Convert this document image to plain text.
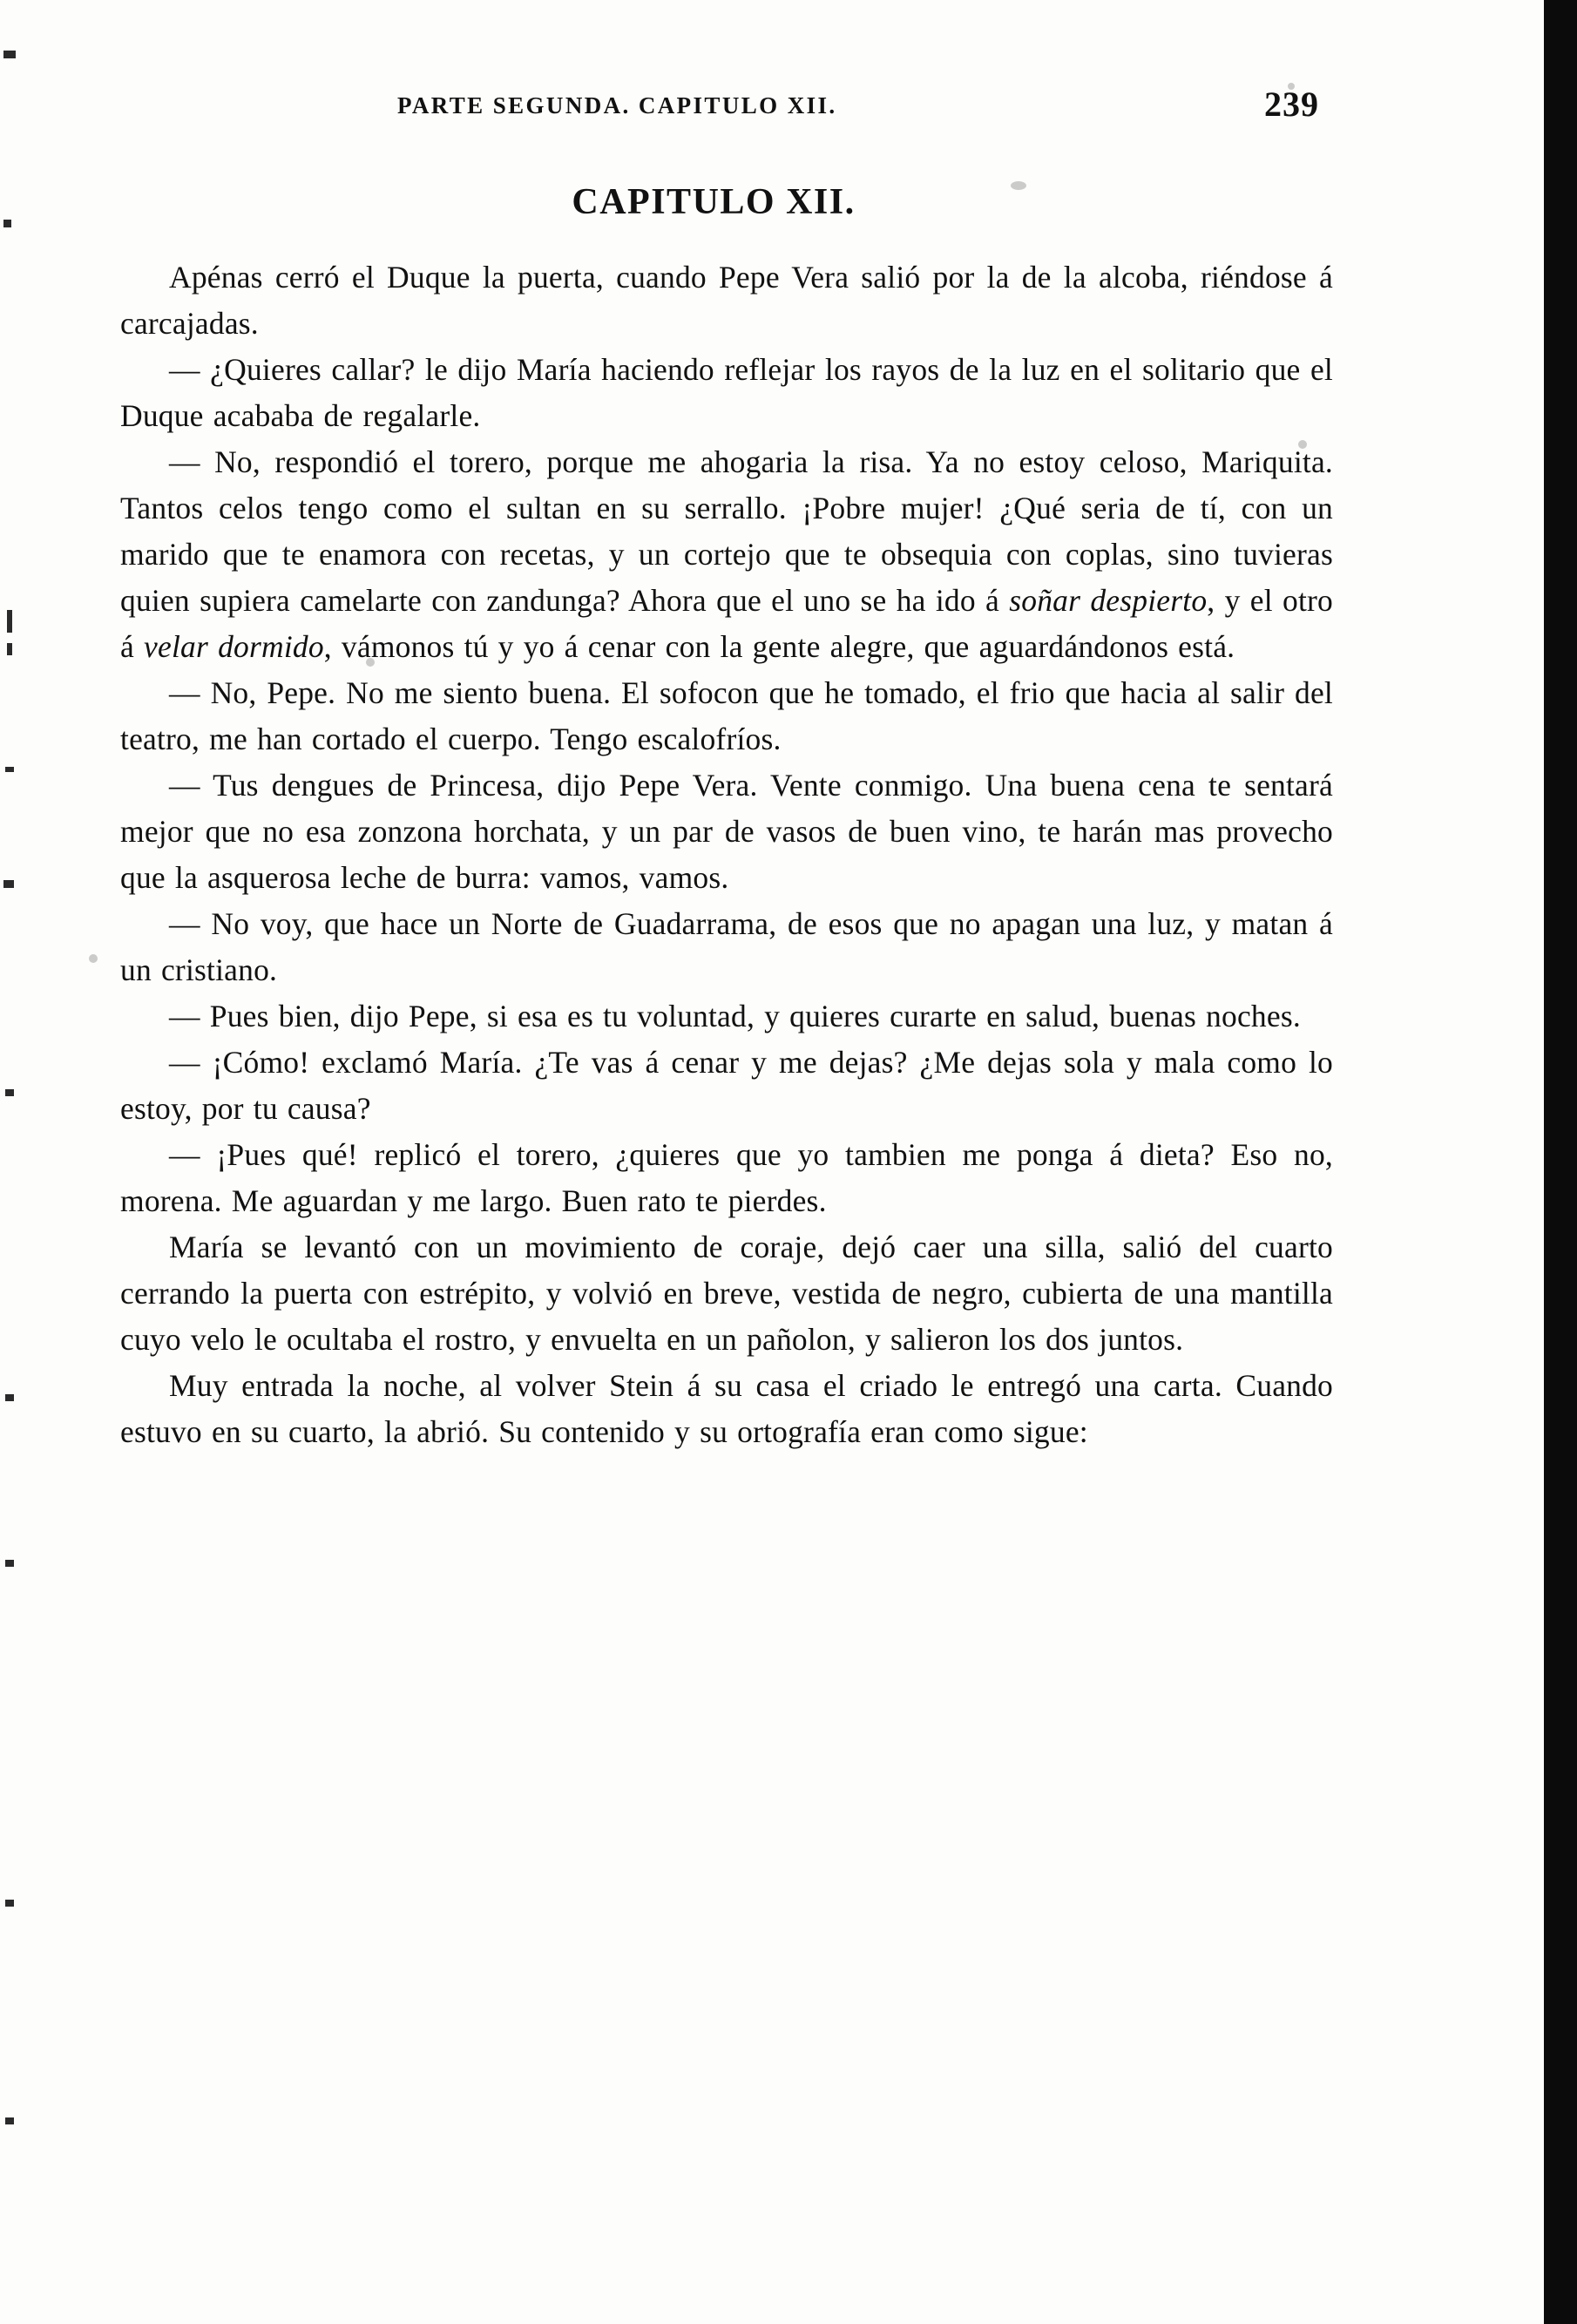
PARTE SEGUNDA. CAPITULO XII.	239
CAPITULO XII.

Apénas cerró el Duque la puerta, cuando Pepe Vera salió por la de la alcoba, riéndose á carcajadas.

— ¿Quieres callar? le dijo María haciendo reflejar los rayos de la luz en el solitario que el Duque acababa de regalarle.

— No, respondió el torero, porque me ahogaria la risa. Ya no estoy celoso, Mariquita. Tantos celos tengo como el sultan en su serrallo. ¡Pobre mujer! ¿Qué seria de tí, con un marido que te enamora con recetas, y un cortejo que te obsequia con coplas, sino tuvieras quien supiera camelarte con zandunga? Ahora que el uno se ha ido á soñar despierto, y el otro á velar dormido, vámonos tú y yo á cenar con la gente alegre, que aguardándonos está.

— No, Pepe. No me siento buena. El sofocon que he tomado, el frio que hacia al salir del teatro, me han cortado el cuerpo. Tengo escalofríos.

— Tus dengues de Princesa, dijo Pepe Vera. Vente conmigo. Una buena cena te sentará mejor que no esa zonzona horchata, y un par de vasos de buen vino, te harán mas provecho que la asquerosa leche de burra: vamos, vamos.

— No voy, que hace un Norte de Guadarrama, de esos que no apagan una luz, y matan á un cristiano.

— Pues bien, dijo Pepe, si esa es tu voluntad, y quieres curarte en salud, buenas noches.

— ¡Cómo! exclamó María. ¿Te vas á cenar y me dejas? ¿Me dejas sola y mala como lo estoy, por tu causa?

— ¡Pues qué! replicó el torero, ¿quieres que yo tambien me ponga á dieta? Eso no, morena. Me aguardan y me largo. Buen rato te pierdes.

María se levantó con un movimiento de coraje, dejó caer una silla, salió del cuarto cerrando la puerta con estrépito, y volvió en breve, vestida de negro, cubierta de una mantilla cuyo velo le ocultaba el rostro, y envuelta en un pañolon, y salieron los dos juntos.

Muy entrada la noche, al volver Stein á su casa el criado le entregó una carta. Cuando estuvo en su cuarto, la abrió. Su contenido y su ortografía eran como sigue:
